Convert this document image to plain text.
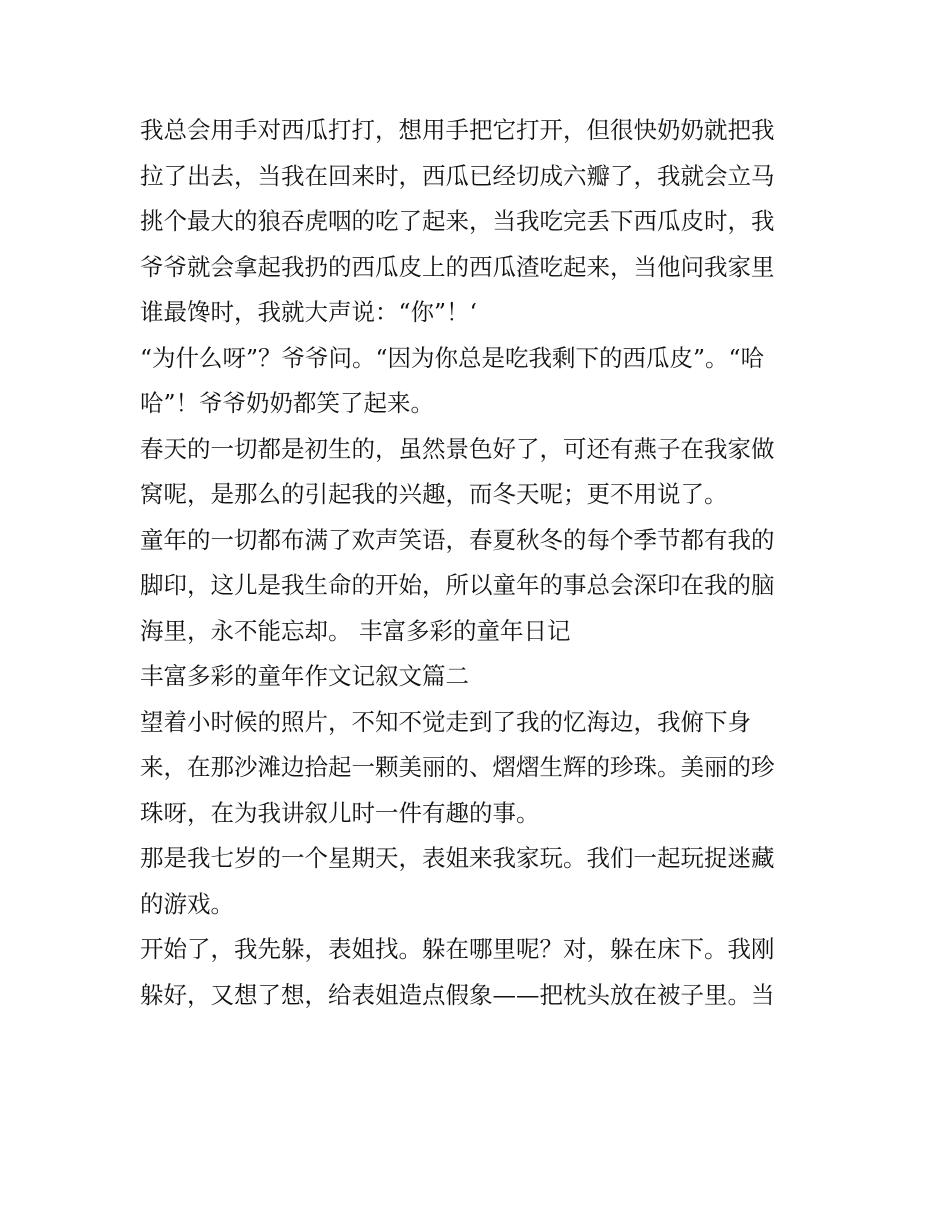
我总会用手对西瓜打打，想用手把它打开，但很快奶奶就把我
拉了出去，当我在回来时，西瓜已经切成六瓣了，我就会立马
挑个最大的狼吞虎咽的吃了起来，当我吃完丢下西瓜皮时，我
爷爷就会拿起我扔的西瓜皮上的西瓜渣吃起来，当他问我家里
谁最馋时，我就大声说：“你”！‘
“为什么呀”？爷爷问。“因为你总是吃我剩下的西瓜皮”。“哈
哈”！爷爷奶奶都笑了起来。
春天的一切都是初生的，虽然景色好了，可还有燕子在我家做
窝呢，是那么的引起我的兴趣，而冬天呢；更不用说了。
童年的一切都布满了欢声笑语，春夏秋冬的每个季节都有我的
脚印，这儿是我生命的开始，所以童年的事总会深印在我的脑
海里，永不能忘却。 丰富多彩的童年日记
丰富多彩的童年作文记叙文篇二
望着小时候的照片，不知不觉走到了我的忆海边，我俯下身
来，在那沙滩边拾起一颗美丽的、熠熠生辉的珍珠。美丽的珍
珠呀，在为我讲叙儿时一件有趣的事。
那是我七岁的一个星期天，表姐来我家玩。我们一起玩捉迷藏
的游戏。
开始了，我先躲，表姐找。躲在哪里呢？对，躲在床下。我刚
躲好，又想了想，给表姐造点假象——把枕头放在被子里。当
